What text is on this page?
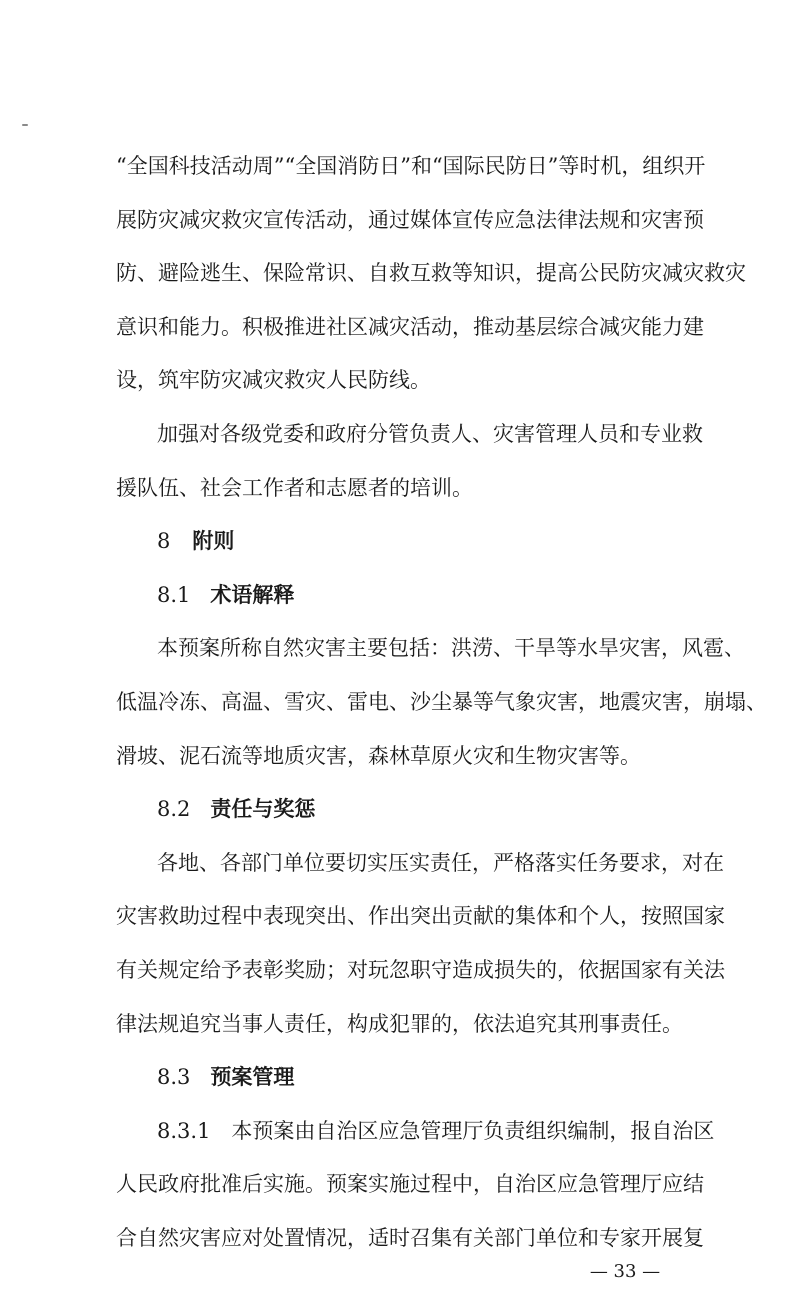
“全国科技活动周”“全国消防日”和“国际民防日”等时机，组织开
展防灾减灾救灾宣传活动，通过媒体宣传应急法律法规和灾害预
防、避险逃生、保险常识、自救互救等知识，提高公民防灾减灾救灾
意识和能力。积极推进社区减灾活动，推动基层综合减灾能力建
设，筑牢防灾减灾救灾人民防线。
加强对各级党委和政府分管负责人、灾害管理人员和专业救
援队伍、社会工作者和志愿者的培训。
8 附则
8.1 术语解释
本预案所称自然灾害主要包括：洪涝、干旱等水旱灾害，风雹、
低温冷冻、高温、雪灾、雷电、沙尘暴等气象灾害，地震灾害，崩塌、
滑坡、泥石流等地质灾害，森林草原火灾和生物灾害等。
8.2 责任与奖惩
各地、各部门单位要切实压实责任，严格落实任务要求，对在
灾害救助过程中表现突出、作出突出贡献的集体和个人，按照国家
有关规定给予表彰奖励；对玩忽职守造成损失的，依据国家有关法
律法规追究当事人责任，构成犯罪的，依法追究其刑事责任。
8.3 预案管理
8.3.1　本预案由自治区应急管理厅负责组织编制，报自治区
人民政府批准后实施。预案实施过程中，自治区应急管理厅应结
合自然灾害应对处置情况，适时召集有关部门单位和专家开展复
— 33 —
